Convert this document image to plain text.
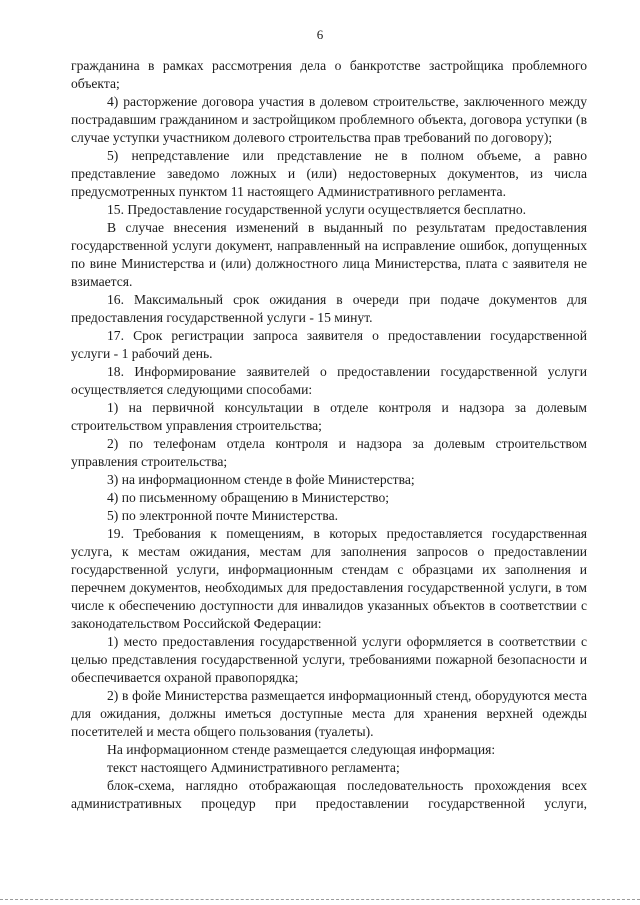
6

гражданина в рамках рассмотрения дела о банкротстве застройщика проблемного объекта;

4) расторжение договора участия в долевом строительстве, заключенного между пострадавшим гражданином и застройщиком проблемного объекта, договора уступки (в случае уступки участником долевого строительства прав требований по договору);

5) непредставление или представление не в полном объеме, а равно представление заведомо ложных и (или) недостоверных документов, из числа предусмотренных пунктом 11 настоящего Административного регламента.

15. Предоставление государственной услуги осуществляется бесплатно.

В случае внесения изменений в выданный по результатам предоставления государственной услуги документ, направленный на исправление ошибок, допущенных по вине Министерства и (или) должностного лица Министерства, плата с заявителя не взимается.

16. Максимальный срок ожидания в очереди при подаче документов для предоставления государственной услуги - 15 минут.

17. Срок регистрации запроса заявителя о предоставлении государственной услуги - 1 рабочий день.

18. Информирование заявителей о предоставлении государственной услуги осуществляется следующими способами:

1) на первичной консультации в отделе контроля и надзора за долевым строительством управления строительства;

2) по телефонам отдела контроля и надзора за долевым строительством управления строительства;

3) на информационном стенде в фойе Министерства;

4) по письменному обращению в Министерство;

5) по электронной почте Министерства.

19. Требования к помещениям, в которых предоставляется государственная услуга, к местам ожидания, местам для заполнения запросов о предоставлении государственной услуги, информационным стендам с образцами их заполнения и перечнем документов, необходимых для предоставления государственной услуги, в том числе к обеспечению доступности для инвалидов указанных объектов в соответствии с законодательством Российской Федерации:

1) место предоставления государственной услуги оформляется в соответствии с целью представления государственной услуги, требованиями пожарной безопасности и обеспечивается охраной правопорядка;

2) в фойе Министерства размещается информационный стенд, оборудуются места для ожидания, должны иметься доступные места для хранения верхней одежды посетителей и места общего пользования (туалеты).

На информационном стенде размещается следующая информация:

текст настоящего Административного регламента;

блок-схема, наглядно отображающая последовательность прохождения всех административных процедур при предоставлении государственной услуги,
